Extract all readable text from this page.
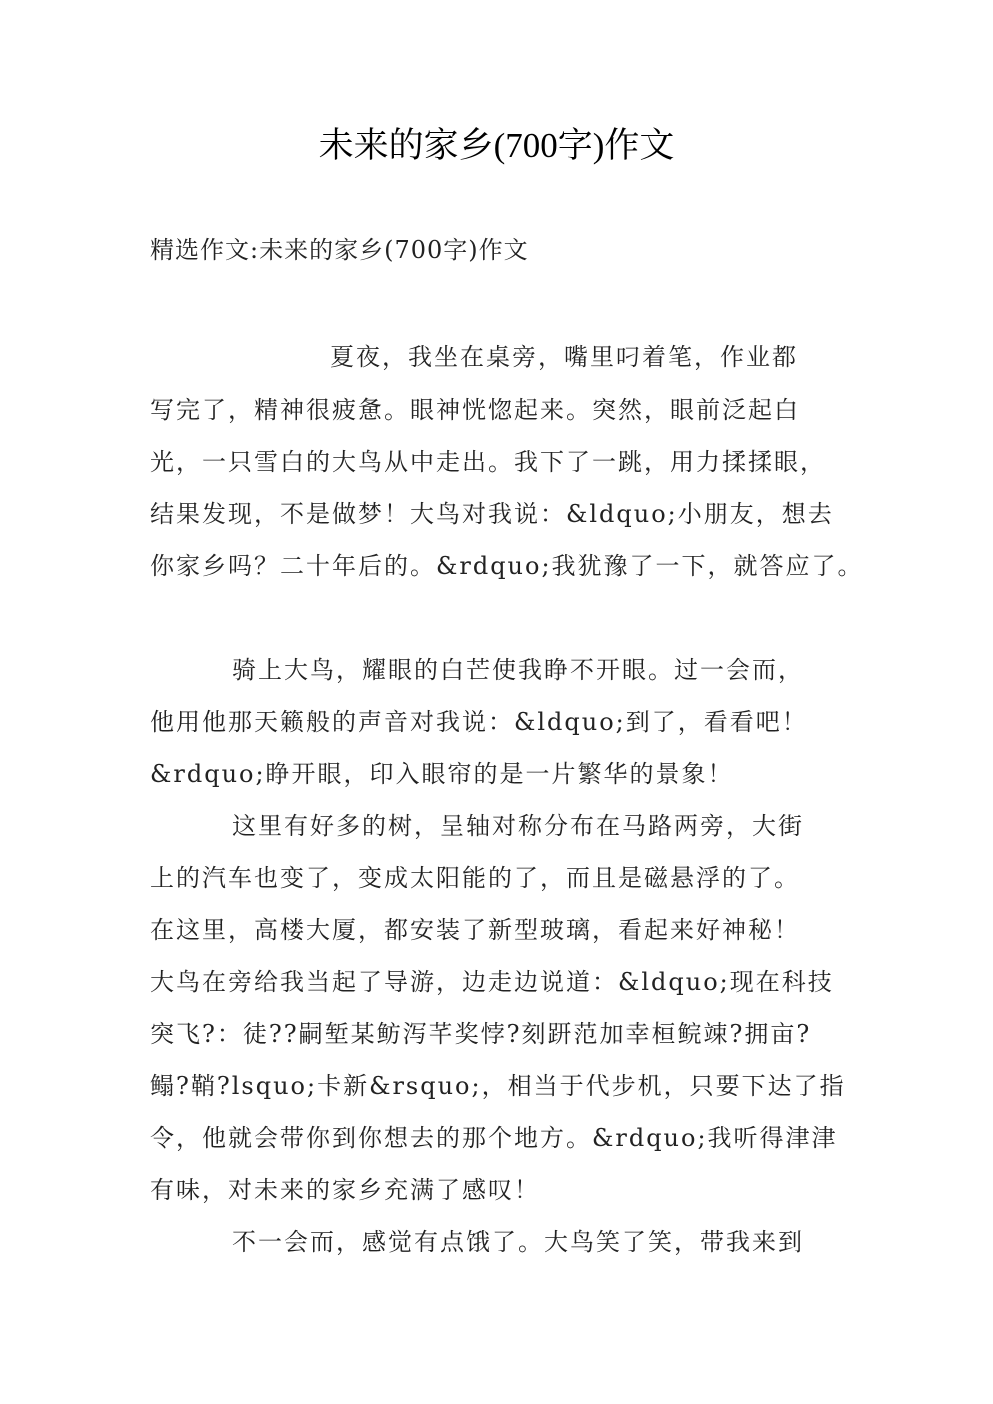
未来的家乡(700字)作文
精选作文:未来的家乡(700字)作文
夏夜，我坐在桌旁，嘴里叼着笔，作业都
写完了，精神很疲惫。眼神恍惚起来。突然，眼前泛起白
光，一只雪白的大鸟从中走出。我下了一跳，用力揉揉眼，
结果发现，不是做梦！大鸟对我说：&ldquo;小朋友，想去
你家乡吗？二十年后的。&rdquo;我犹豫了一下，就答应了。
骑上大鸟，耀眼的白芒使我睁不开眼。过一会而，
他用他那天籁般的声音对我说：&ldquo;到了，看看吧！
&rdquo;睁开眼，印入眼帘的是一片繁华的景象！
这里有好多的树，呈轴对称分布在马路两旁，大街
上的汽车也变了，变成太阳能的了，而且是磁悬浮的了。
在这里，高楼大厦，都安装了新型玻璃，看起来好神秘！
大鸟在旁给我当起了导游，边走边说道：&ldquo;现在科技
突飞?：徒??嗣堑某鲂泻芊奖悖?刻趼范加幸桓鲩竦?拥亩?
鳎?鞘?lsquo;卡新&rsquo;，相当于代步机，只要下达了指
令，他就会带你到你想去的那个地方。&rdquo;我听得津津
有味，对未来的家乡充满了感叹！
不一会而，感觉有点饿了。大鸟笑了笑，带我来到
